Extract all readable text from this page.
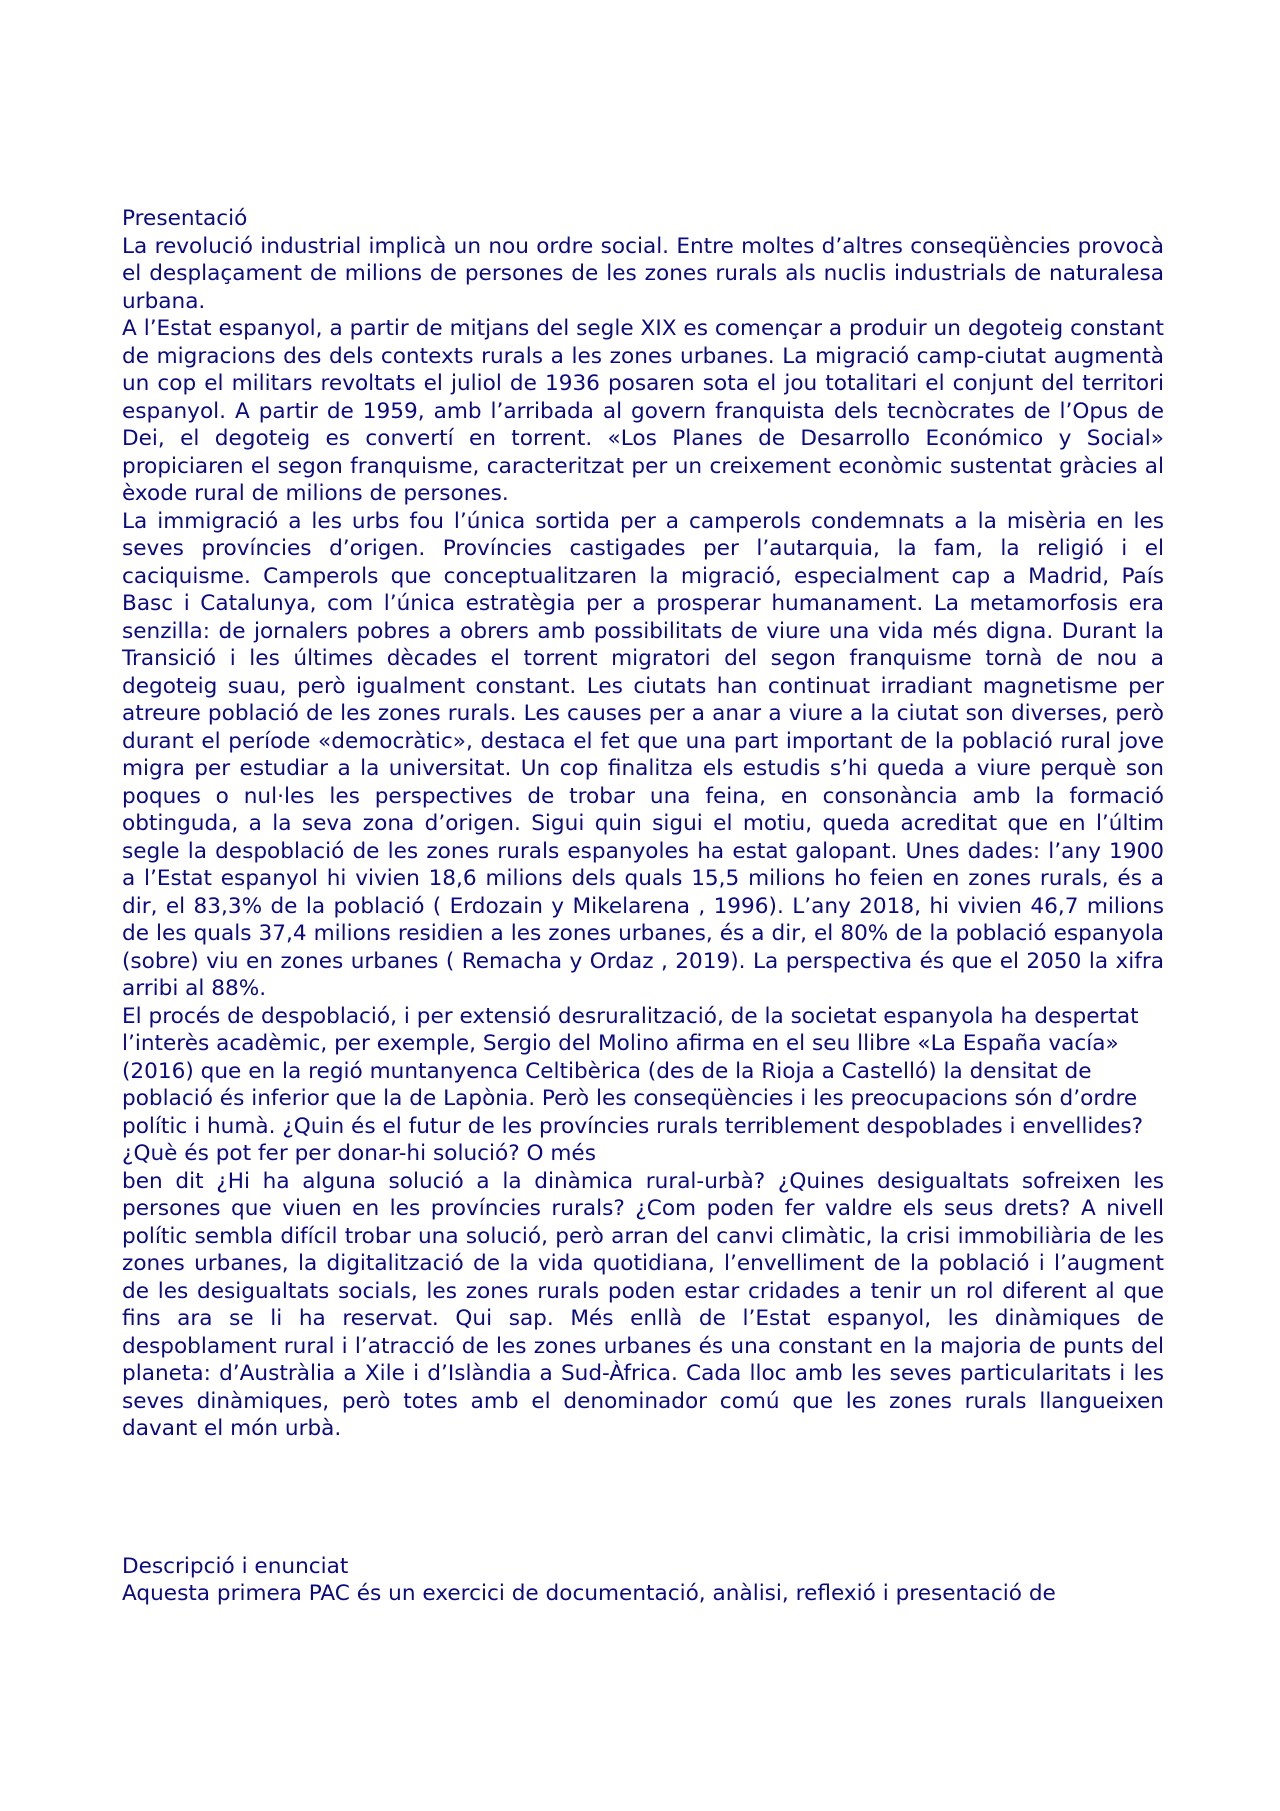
Presentació

La revolució industrial implicà un nou ordre social. Entre moltes d’altres conseqüències provocà el desplaçament de milions de persones de les zones rurals als nuclis industrials de naturalesa urbana.

A l’Estat espanyol, a partir de mitjans del segle XIX es començar a produir un degoteig constant de migracions des dels contexts rurals a les zones urbanes. La migració camp-ciutat augmentà un cop el militars revoltats el juliol de 1936 posaren sota el jou totalitari el conjunt del territori espanyol. A partir de 1959, amb l’arribada al govern franquista dels tecnòcrates de l’Opus de Dei, el degoteig es convertí en torrent. «Los Planes de Desarrollo Económico y Social» propiciaren el segon franquisme, caracteritzat per un creixement econòmic sustentat gràcies al èxode rural de milions de persones.

La immigració a les urbs fou l’única sortida per a camperols condemnats a la misèria en les seves províncies d’origen. Províncies castigades per l’autarquia, la fam, la religió i el caciquisme. Camperols que conceptualitzaren la migració, especialment cap a Madrid, País Basc i Catalunya, com l’única estratègia per a prosperar humanament. La metamorfosis era senzilla: de jornalers pobres a obrers amb possibilitats de viure una vida més digna. Durant la Transició i les últimes dècades el torrent migratori del segon franquisme tornà de nou a degoteig suau, però igualment constant. Les ciutats han continuat irradiant magnetisme per atreure població de les zones rurals. Les causes per a anar a viure a la ciutat son diverses, però durant el període «democràtic», destaca el fet que una part important de la població rural jove migra per estudiar a la universitat. Un cop finalitza els estudis s’hi queda a viure perquè son poques o nul·les les perspectives de trobar una feina, en consonància amb la formació obtinguda, a la seva zona d’origen. Sigui quin sigui el motiu, queda acreditat que en l’últim segle la despoblació de les zones rurals espanyoles ha estat galopant. Unes dades: l’any 1900 a l’Estat espanyol hi vivien 18,6 milions dels quals 15,5 milions ho feien en zones rurals, és a dir, el 83,3% de la població ( Erdozain y Mikelarena , 1996). L’any 2018, hi vivien 46,7 milions de les quals 37,4 milions residien a les zones urbanes, és a dir, el 80% de la població espanyola (sobre) viu en zones urbanes ( Remacha y Ordaz , 2019). La perspectiva és que el 2050 la xifra arribi al 88%.

El procés de despoblació, i per extensió desruralització, de la societat espanyola ha despertat l’interès acadèmic, per exemple, Sergio del Molino afirma en el seu llibre «La España vacía» (2016) que en la regió muntanyenca Celtibèrica (des de la Rioja a Castelló) la densitat de població és inferior que la de Lapònia. Però les conseqüències i les preocupacions són d’ordre polític i humà. ¿Quin és el futur de les províncies rurals terriblement despoblades i envellides? ¿Què és pot fer per donar-hi solució? O més

ben dit ¿Hi ha alguna solució a la dinàmica rural-urbà? ¿Quines desigualtats sofreixen les persones que viuen en les províncies rurals? ¿Com poden fer valdre els seus drets? A nivell polític sembla difícil trobar una solució, però arran del canvi climàtic, la crisi immobiliària de les zones urbanes, la digitalització de la vida quotidiana, l’envelliment de la població i l’augment de les desigualtats socials, les zones rurals poden estar cridades a tenir un rol diferent al que fins ara se li ha reservat. Qui sap. Més enllà de l’Estat espanyol, les dinàmiques de despoblament rural i l’atracció de les zones urbanes és una constant en la majoria de punts del planeta: d’Austràlia a Xile i d’Islàndia a Sud-Àfrica. Cada lloc amb les seves particularitats i les seves dinàmiques, però totes amb el denominador comú que les zones rurals llangueixen davant el món urbà.

Descripció i enunciat

Aquesta primera PAC és un exercici de documentació, anàlisi, reflexió i presentació de
